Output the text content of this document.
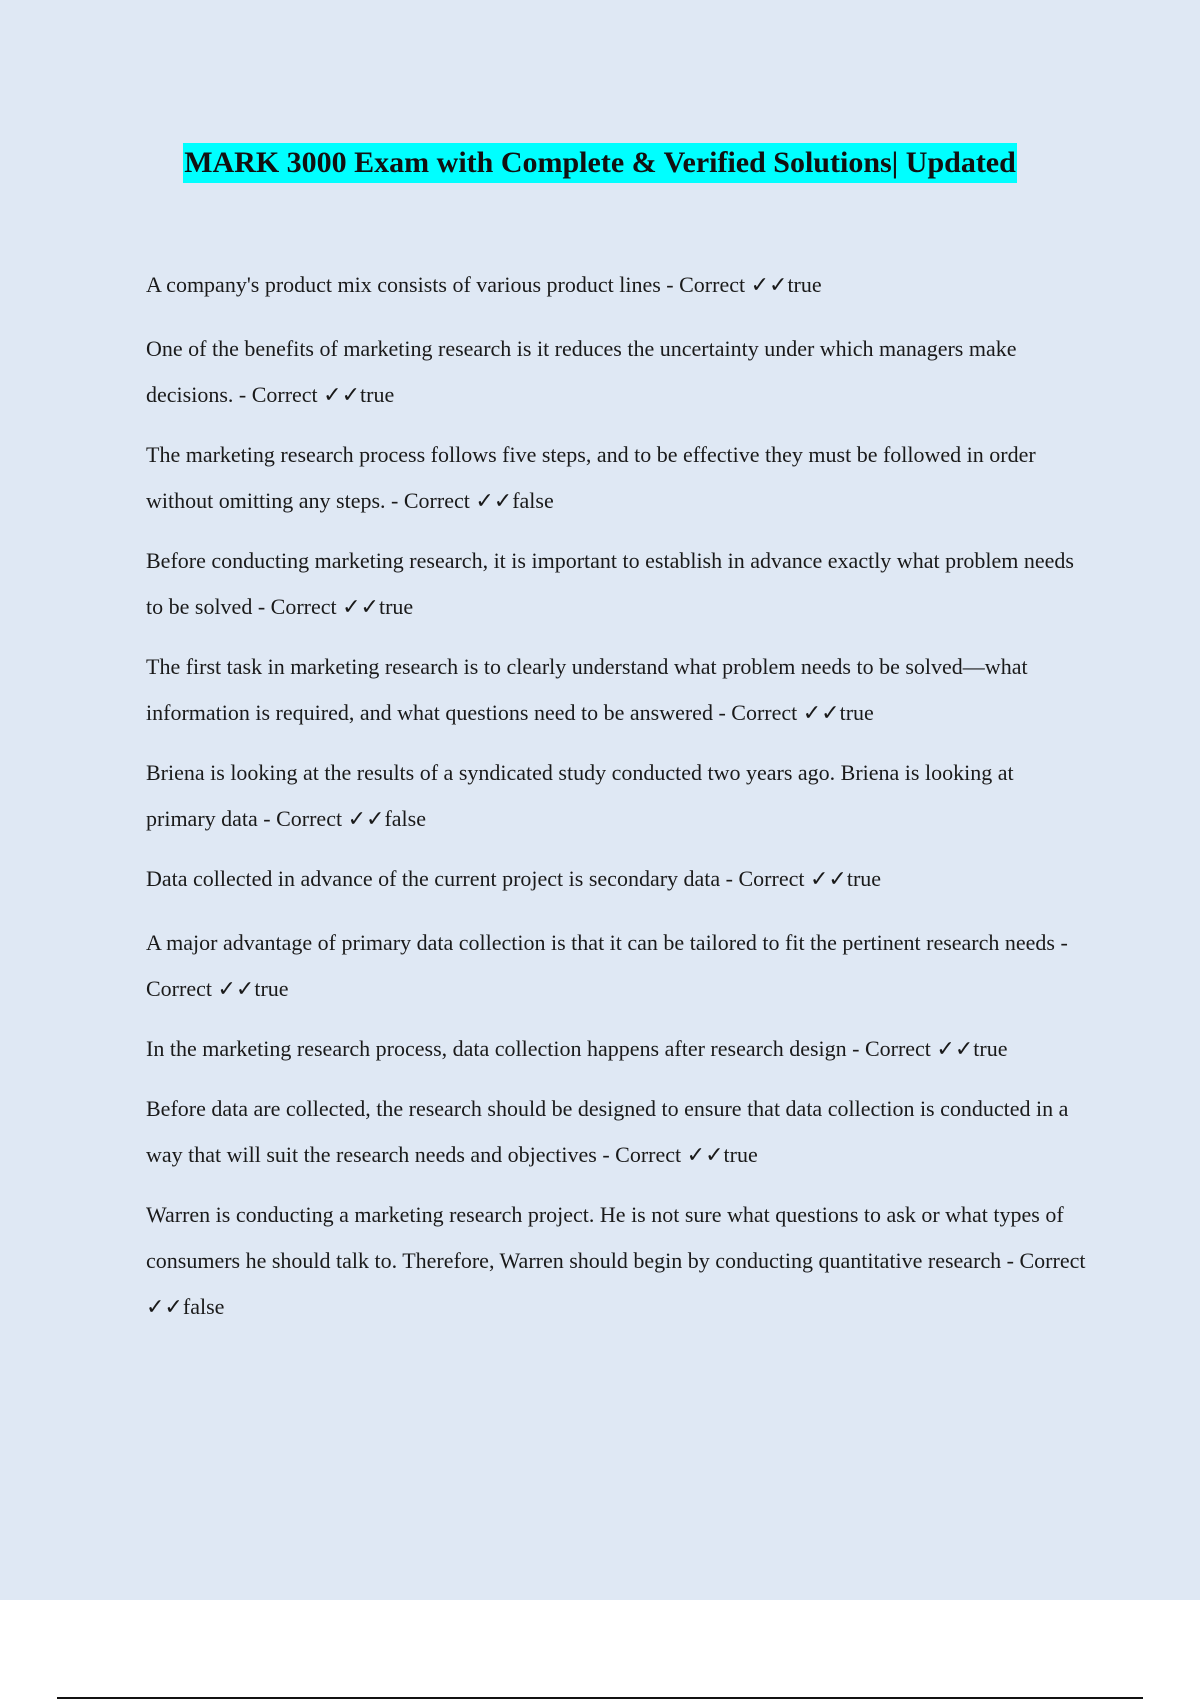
MARK 3000 Exam with Complete & Verified Solutions| Updated

A company's product mix consists of various product lines - Correct ✓✓true

One of the benefits of marketing research is it reduces the uncertainty under which managers make decisions. - Correct ✓✓true

The marketing research process follows five steps, and to be effective they must be followed in order without omitting any steps. - Correct ✓✓false

Before conducting marketing research, it is important to establish in advance exactly what problem needs to be solved - Correct ✓✓true

The first task in marketing research is to clearly understand what problem needs to be solved—what information is required, and what questions need to be answered - Correct ✓✓true

Briena is looking at the results of a syndicated study conducted two years ago. Briena is looking at primary data - Correct ✓✓false

Data collected in advance of the current project is secondary data - Correct ✓✓true

A major advantage of primary data collection is that it can be tailored to fit the pertinent research needs - Correct ✓✓true

In the marketing research process, data collection happens after research design - Correct ✓✓true

Before data are collected, the research should be designed to ensure that data collection is conducted in a way that will suit the research needs and objectives - Correct ✓✓true

Warren is conducting a marketing research project. He is not sure what questions to ask or what types of consumers he should talk to. Therefore, Warren should begin by conducting quantitative research - Correct ✓✓false
